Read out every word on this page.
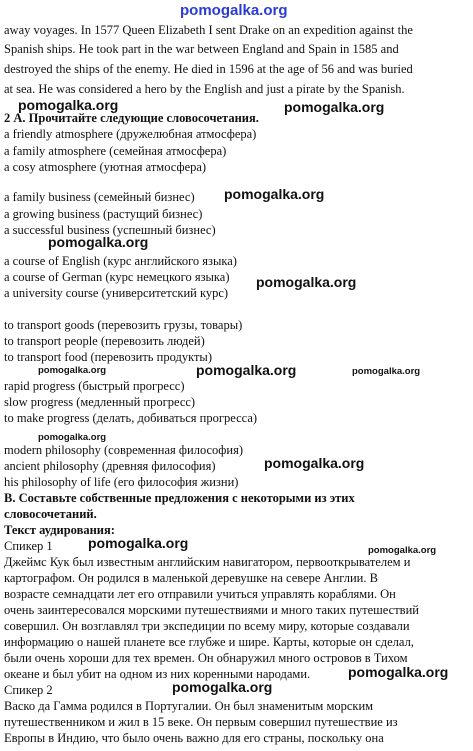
pomogalka.org
away voyages. In 1577 Queen Elizabeth I sent Drake on an expedition against the
Spanish ships. He took part in the war between England and Spain in 1585 and
destroyed the ships of the enemy. He died in 1596 at the age of 56 and was buried
at sea. He was considered a hero by the English and just a pirate by the Spanish.
pomogalka.org	pomogalka.org
2 А. Прочитайте следующие словосочетания.
a friendly atmosphere (дружелюбная атмосфера)
a family atmosphere (семейная атмосфера)
a cosy atmosphere (уютная атмосфера)
a family business (семейный бизнес) pomogalka.org
a growing business (растущий бизнес)
a successful business (успешный бизнес)
pomogalka.org
a course of English (курс английского языка)
a course of German (курс немецкого языка) pomogalka.org
a university course (университетский курс)
to transport goods (перевозить грузы, товары)
to transport people (перевозить людей)
to transport food (перевозить продукты)
pomogalka.org	pomogalka.org	pomogalka.org
rapid progress (быстрый прогресс)
slow progress (медленный прогресс)
to make progress (делать, добиваться прогресса)
pomogalka.org
modern philosophy (современная философия)
ancient philosophy (древняя философия)	pomogalka.org
his philosophy of life (его философия жизни)
В. Составьте собственные предложения с некоторыми из этих
словосочетаний.
Текст аудирования:
Спикер 1	pomogalka.org	pomogalka.org
Джеймс Кук был известным английским навигатором, первооткрывателем и
картографом. Он родился в маленькой деревушке на севере Англии. В
возрасте семнадцати лет его отправили учиться управлять кораблями. Он
очень заинтересовался морскими путешествиями и много таких путешествий
совершил. Он возглавлял три экспедиции по всему миру, которые создавали
информацию о нашей планете все глубже и шире. Карты, которые он сделал,
были очень хороши для тех времен. Он обнаружил много островов в Тихом
океане и был убит на одном из них коренными народами.	pomogalka.org
Спикер 2	pomogalka.org
Васко да Гамма родился в Португалии. Он был знаменитым морским
путешественником и жил в 15 веке. Он первым совершил путешествие из
Европы в Индию, что было очень важно для его страны, поскольку она
